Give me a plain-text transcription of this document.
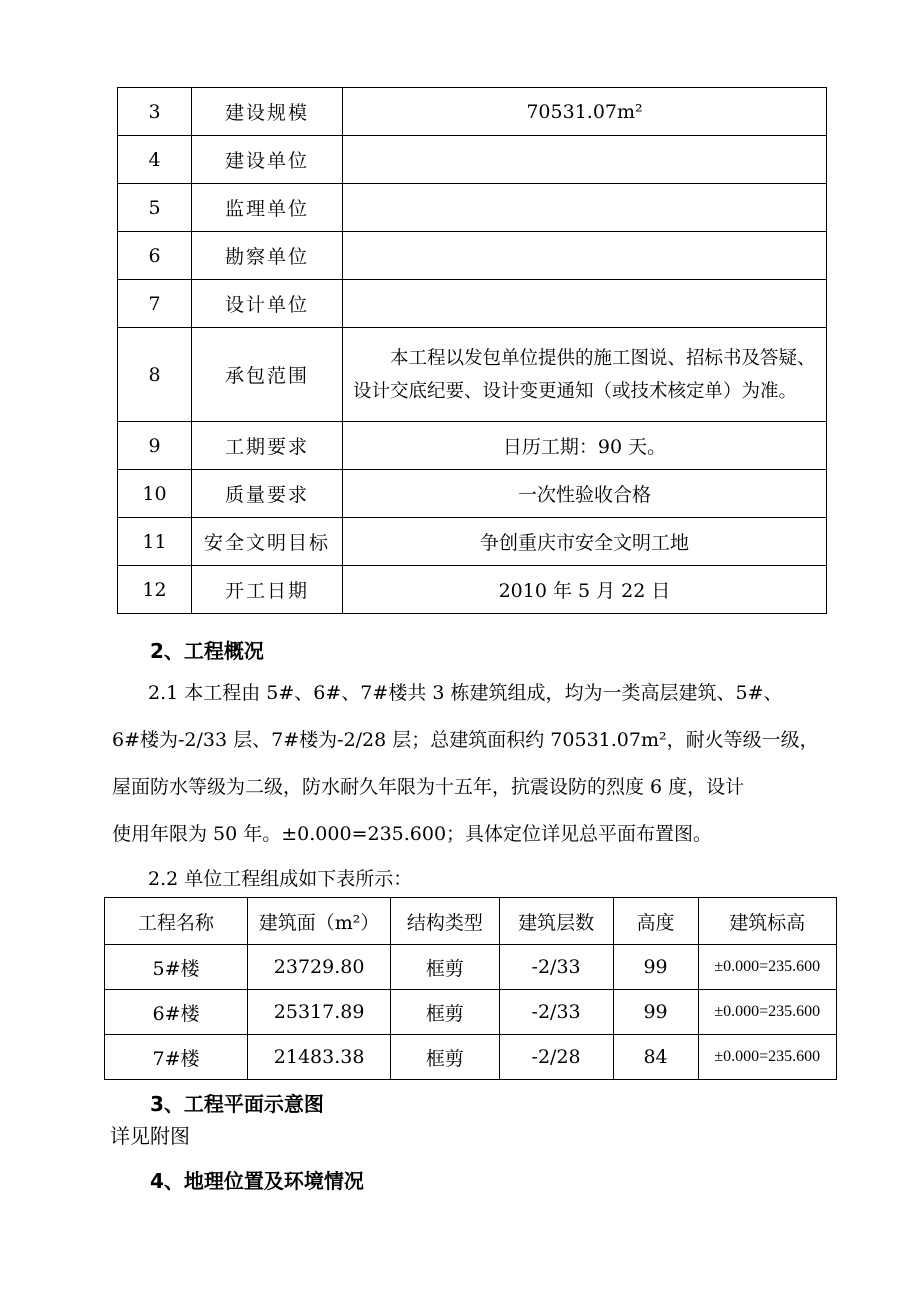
3	建设规模	70531.07m²
4	建设单位	
5	监理单位	
6	勘察单位	
7	设计单位	
8	承包范围	本工程以发包单位提供的施工图说、招标书及答疑、设计交底纪要、设计变更通知（或技术核定单）为准。
9	工期要求	日历工期：90 天。
10	质量要求	一次性验收合格
11	安全文明目标	争创重庆市安全文明工地
12	开工日期	2010 年 5 月 22 日
2、工程概况
2.1 本工程由 5#、6#、7#楼共 3 栋建筑组成，均为一类高层建筑、5#、
6#楼为-2/33 层、7#楼为-2/28 层；总建筑面积约 70531.07m²，耐火等级一级，
屋面防水等级为二级，防水耐久年限为十五年，抗震设防的烈度 6 度，设计
使用年限为 50 年。±0.000=235.600；具体定位详见总平面布置图。
2.2 单位工程组成如下表所示：
工程名称	建筑面（m²）	结构类型	建筑层数	高度	建筑标高
5#楼	23729.80	框剪	-2/33	99	±0.000=235.600
6#楼	25317.89	框剪	-2/33	99	±0.000=235.600
7#楼	21483.38	框剪	-2/28	84	±0.000=235.600
3、工程平面示意图
详见附图
4、地理位置及环境情况
